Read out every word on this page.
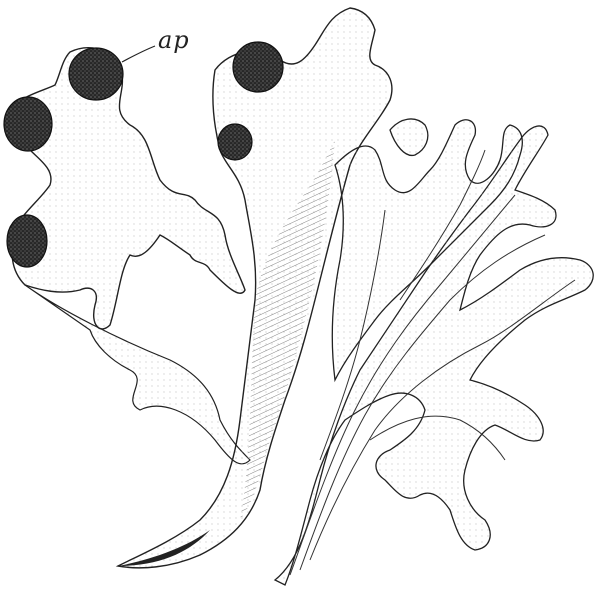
ap
